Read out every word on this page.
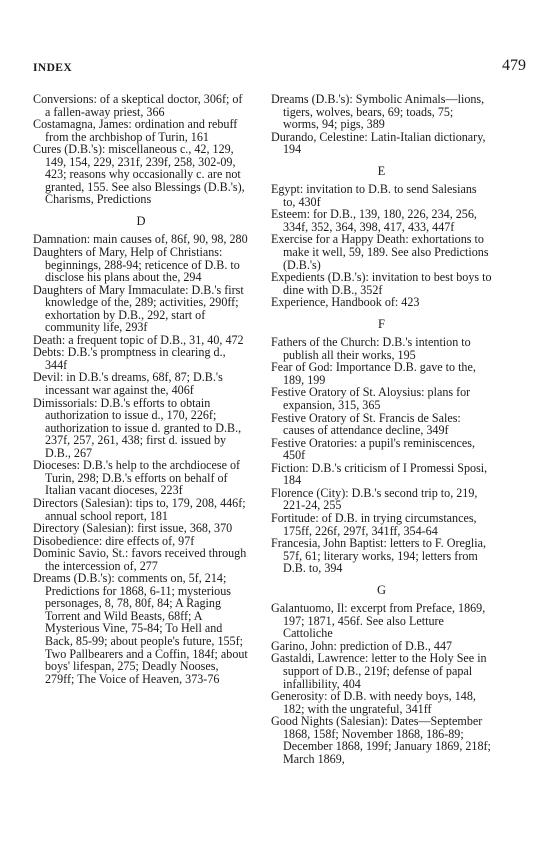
INDEX	479

Conversions: of a skeptical doctor, 306f; of a fallen-away priest, 366

Costamagna, James: ordination and rebuff from the archbishop of Turin, 161

Cures (D.B.'s): miscellaneous c., 42, 129, 149, 154, 229, 231f, 239f, 258, 302-09, 423; reasons why occasionally c. are not granted, 155. See also Blessings (D.B.'s), Charisms, Predictions

D

Damnation: main causes of, 86f, 90, 98, 280

Daughters of Mary, Help of Christians: beginnings, 288-94; reticence of D.B. to disclose his plans about the, 294

Daughters of Mary Immaculate: D.B.'s first knowledge of the, 289; activities, 290ff; exhortation by D.B., 292, start of community life, 293f

Death: a frequent topic of D.B., 31, 40, 472

Debts: D.B.'s promptness in clearing d., 344f

Devil: in D.B.'s dreams, 68f, 87; D.B.'s incessant war against the, 406f

Dimissorials: D.B.'s efforts to obtain authorization to issue d., 170, 226f; authorization to issue d. granted to D.B., 237f, 257, 261, 438; first d. issued by D.B., 267

Dioceses: D.B.'s help to the archdiocese of Turin, 298; D.B.'s efforts on behalf of Italian vacant dioceses, 223f

Directors (Salesian): tips to, 179, 208, 446f; annual school report, 181

Directory (Salesian): first issue, 368, 370

Disobedience: dire effects of, 97f

Dominic Savio, St.: favors received through the intercession of, 277

Dreams (D.B.'s): comments on, 5f, 214; Predictions for 1868, 6-11; mysterious personages, 8, 78, 80f, 84; A Raging Torrent and Wild Beasts, 68ff; A Mysterious Vine, 75-84; To Hell and Back, 85-99; about people's future, 155f; Two Pallbearers and a Coffin, 184f; about boys' lifespan, 275; Deadly Nooses, 279ff; The Voice of Heaven, 373-76

Dreams (D.B.'s): Symbolic Animals—lions, tigers, wolves, bears, 69; toads, 75; worms, 94; pigs, 389

Durando, Celestine: Latin-Italian dictionary, 194

E

Egypt: invitation to D.B. to send Salesians to, 430f

Esteem: for D.B., 139, 180, 226, 234, 256, 334f, 352, 364, 398, 417, 433, 447f

Exercise for a Happy Death: exhortations to make it well, 59, 189. See also Predictions (D.B.'s)

Expedients (D.B.'s): invitation to best boys to dine with D.B., 352f

Experience, Handbook of: 423

F

Fathers of the Church: D.B.'s intention to publish all their works, 195

Fear of God: Importance D.B. gave to the, 189, 199

Festive Oratory of St. Aloysius: plans for expansion, 315, 365

Festive Oratory of St. Francis de Sales: causes of attendance decline, 349f

Festive Oratories: a pupil's reminiscences, 450f

Fiction: D.B.'s criticism of I Promessi Sposi, 184

Florence (City): D.B.'s second trip to, 219, 221-24, 255

Fortitude: of D.B. in trying circumstances, 175ff, 226f, 297f, 341ff, 354-64

Francesia, John Baptist: letters to F. Oreglia, 57f, 61; literary works, 194; letters from D.B. to, 394

G

Galantuomo, Il: excerpt from Preface, 1869, 197; 1871, 456f. See also Letture Cattoliche

Garino, John: prediction of D.B., 447

Gastaldi, Lawrence: letter to the Holy See in support of D.B., 219f; defense of papal infallibility, 404

Generosity: of D.B. with needy boys, 148, 182; with the ungrateful, 341ff

Good Nights (Salesian): Dates—September 1868, 158f; November 1868, 186-89; December 1868, 199f; January 1869, 218f; March 1869,
